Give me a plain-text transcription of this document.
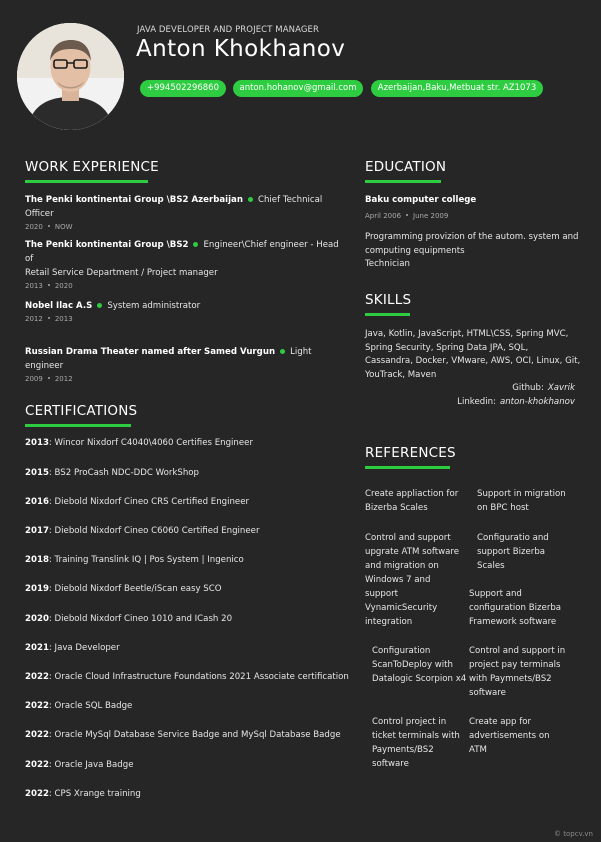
JAVA DEVELOPER AND PROJECT MANAGER
Anton Khokhanov
+994502296860	anton.hohanov@gmail.com	Azerbaijan,Baku,Metbuat str. AZ1073
WORK EXPERIENCE
The Penki kontinentai Group \BS2 Azerbaijan Chief Technical Officer
2020 NOW
The Penki kontinentai Group \BS2 Engineer\Chief engineer - Head of
Retail Service Department / Project manager
2013 2020
Nobel Ilac A.S System administrator
2012 2013
Russian Drama Theater named after Samed Vurgun Light engineer
2009 2012
CERTIFICATIONS
2013: Wincor Nixdorf C4040\4060 Certifies Engineer
2015: BS2 ProCash NDC-DDC WorkShop
2016: Diebold Nixdorf Cineo CRS Certified Engineer
2017: Diebold Nixdorf Cineo C6060 Certified Engineer
2018: Training Translink IQ | Pos System | Ingenico
2019: Diebold Nixdorf Beetle/iScan easy SCO
2020: Diebold Nixdorf Cineo 1010 and ICash 20
2021: Java Developer
2022: Oracle Cloud Infrastructure Foundations 2021 Associate certification
2022: Oracle SQL Badge
2022: Oracle MySql Database Service Badge and MySql Database Badge
2022: Oracle Java Badge
2022: CPS Xrange training
EDUCATION
Baku computer college
April 2006 June 2009
Programming provizion of the autom. system and
computing equipments
Technician
SKILLS
Java, Kotlin, JavaScript, HTML\CSS, Spring MVC,
Spring Security, Spring Data JPA, SQL,
Cassandra, Docker, VMware, AWS, OCI, Linux, Git,
YouTrack, Maven
Github: Xavrik
Linkedin: anton-khokhanov
REFERENCES
Create appliaction for
Bizerba Scales
Control and support
upgrate ATM software
and migration on
Windows 7 and
support
VynamicSecurity
integration
Configuration
ScanToDeploy with
Datalogic Scorpion x4
Control project in
ticket terminals with
Payments/BS2
software
Support in migration
on BPC host
Configuratio and
support Bizerba
Scales
Support and
configuration Bizerba
Framework software
Control and support in
project pay terminals
with Paymnets/BS2
software
Create app for
advertisements on
ATM
© topcv.vn
